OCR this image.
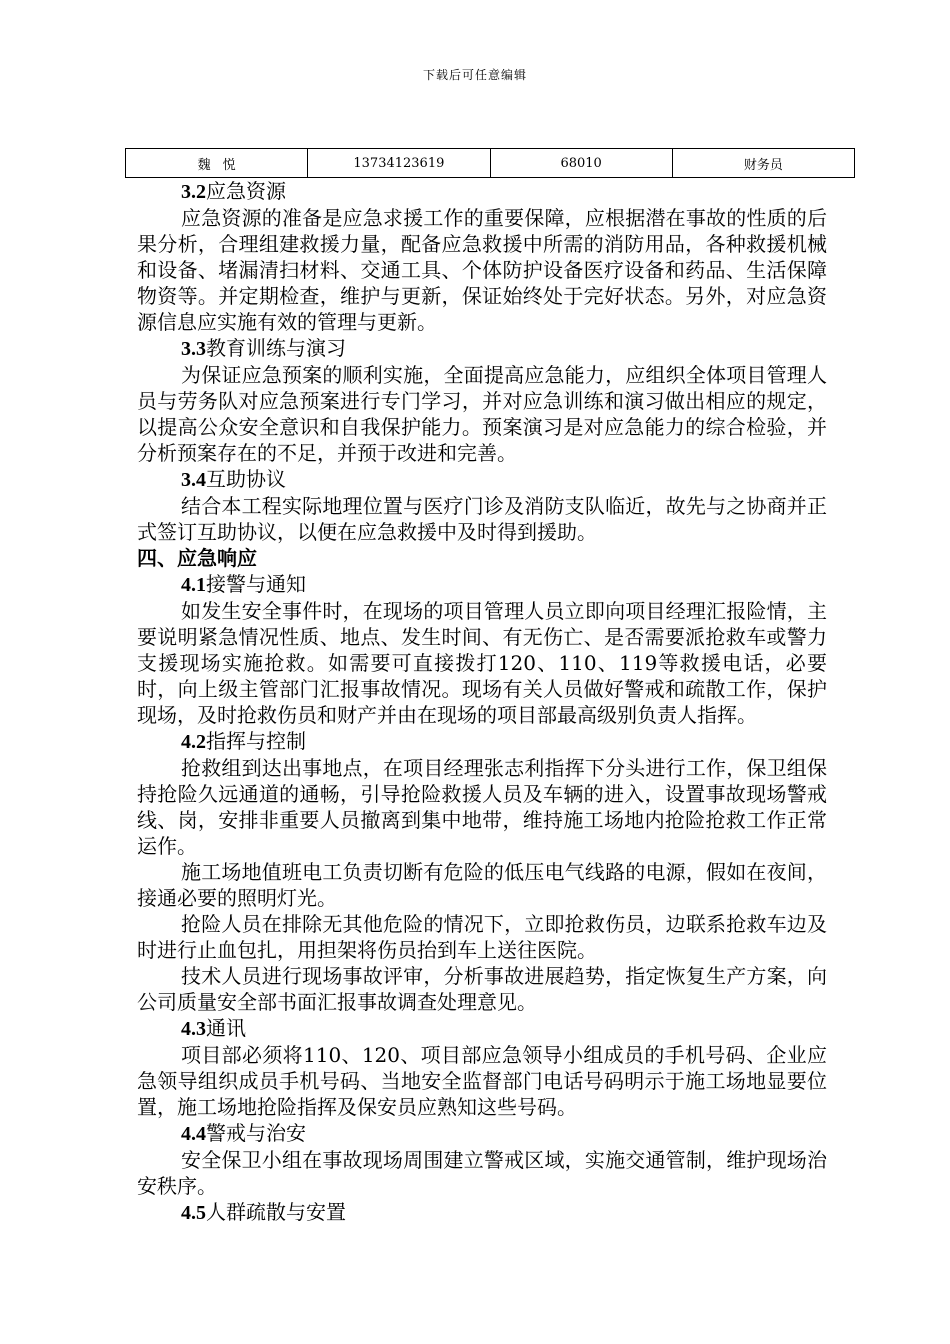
下载后可任意编辑
魏悦	13734123619	68010	财务员

3.2应急资源

应急资源的准备是应急求援工作的重要保障，应根据潜在事故的性质的后果分析，合理组建救援力量，配备应急救援中所需的消防用品，各种救援机械和设备、堵漏清扫材料、交通工具、个体防护设备医疗设备和药品、生活保障物资等。并定期检查，维护与更新，保证始终处于完好状态。另外，对应急资源信息应实施有效的管理与更新。

3.3教育训练与演习

为保证应急预案的顺利实施，全面提高应急能力，应组织全体项目管理人员与劳务队对应急预案进行专门学习，并对应急训练和演习做出相应的规定，以提高公众安全意识和自我保护能力。预案演习是对应急能力的综合检验，并分析预案存在的不足，并预于改进和完善。

3.4互助协议

结合本工程实际地理位置与医疗门诊及消防支队临近，故先与之协商并正式签订互助协议，以便在应急救援中及时得到援助。

四、应急响应

4.1接警与通知

如发生安全事件时，在现场的项目管理人员立即向项目经理汇报险情，主要说明紧急情况性质、地点、发生时间、有无伤亡、是否需要派抢救车或警力支援现场实施抢救。如需要可直接拨打120、110、119等救援电话，必要时，向上级主管部门汇报事故情况。现场有关人员做好警戒和疏散工作，保护现场，及时抢救伤员和财产并由在现场的项目部最高级别负责人指挥。

4.2指挥与控制

抢救组到达出事地点，在项目经理张志利指挥下分头进行工作，保卫组保持抢险久远通道的通畅，引导抢险救援人员及车辆的进入，设置事故现场警戒线、岗，安排非重要人员撤离到集中地带，维持施工场地内抢险抢救工作正常运作。

施工场地值班电工负责切断有危险的低压电气线路的电源，假如在夜间，接通必要的照明灯光。

抢险人员在排除无其他危险的情况下，立即抢救伤员，边联系抢救车边及时进行止血包扎，用担架将伤员抬到车上送往医院。

技术人员进行现场事故评审，分析事故进展趋势，指定恢复生产方案，向公司质量安全部书面汇报事故调查处理意见。

4.3通讯

项目部必须将110、120、项目部应急领导小组成员的手机号码、企业应急领导组织成员手机号码、当地安全监督部门电话号码明示于施工场地显要位置，施工场地抢险指挥及保安员应熟知这些号码。

4.4警戒与治安

安全保卫小组在事故现场周围建立警戒区域，实施交通管制，维护现场治安秩序。

4.5人群疏散与安置
